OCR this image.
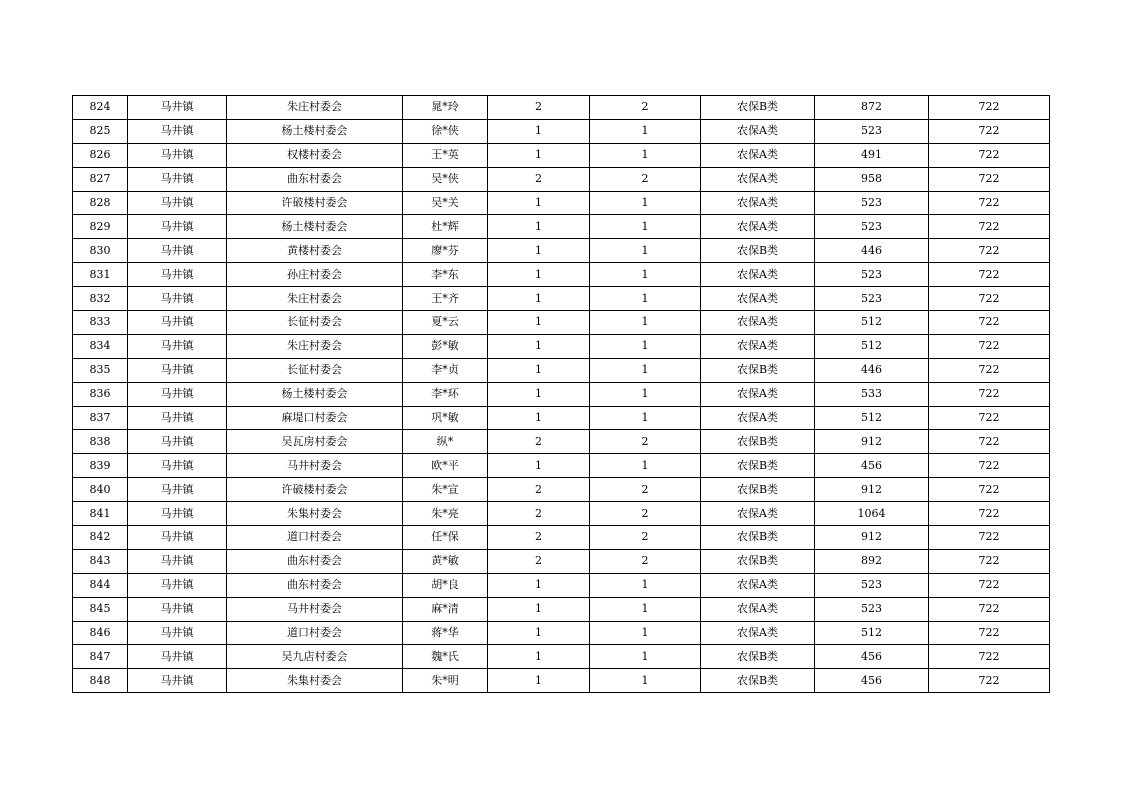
824	马井镇	朱庄村委会	晁*玲	2	2	农保B类	872	722
825	马井镇	杨土楼村委会	徐*侠	1	1	农保A类	523	722
826	马井镇	权楼村委会	王*英	1	1	农保A类	491	722
827	马井镇	曲东村委会	吴*侠	2	2	农保A类	958	722
828	马井镇	许破楼村委会	吴*关	1	1	农保A类	523	722
829	马井镇	杨土楼村委会	杜*辉	1	1	农保A类	523	722
830	马井镇	黄楼村委会	廖*芬	1	1	农保B类	446	722
831	马井镇	孙庄村委会	李*东	1	1	农保A类	523	722
832	马井镇	朱庄村委会	王*齐	1	1	农保A类	523	722
833	马井镇	长征村委会	夏*云	1	1	农保A类	512	722
834	马井镇	朱庄村委会	彭*敏	1	1	农保A类	512	722
835	马井镇	长征村委会	李*贞	1	1	农保B类	446	722
836	马井镇	杨土楼村委会	李*环	1	1	农保A类	533	722
837	马井镇	麻堤口村委会	巩*敏	1	1	农保A类	512	722
838	马井镇	吴瓦房村委会	纵*	2	2	农保B类	912	722
839	马井镇	马井村委会	欧*平	1	1	农保B类	456	722
840	马井镇	许破楼村委会	朱*宣	2	2	农保B类	912	722
841	马井镇	朱集村委会	朱*亮	2	2	农保A类	1064	722
842	马井镇	道口村委会	任*保	2	2	农保B类	912	722
843	马井镇	曲东村委会	黄*敏	2	2	农保B类	892	722
844	马井镇	曲东村委会	胡*良	1	1	农保A类	523	722
845	马井镇	马井村委会	麻*清	1	1	农保A类	523	722
846	马井镇	道口村委会	蒋*华	1	1	农保A类	512	722
847	马井镇	吴九店村委会	魏*氏	1	1	农保B类	456	722
848	马井镇	朱集村委会	朱*明	1	1	农保B类	456	722
